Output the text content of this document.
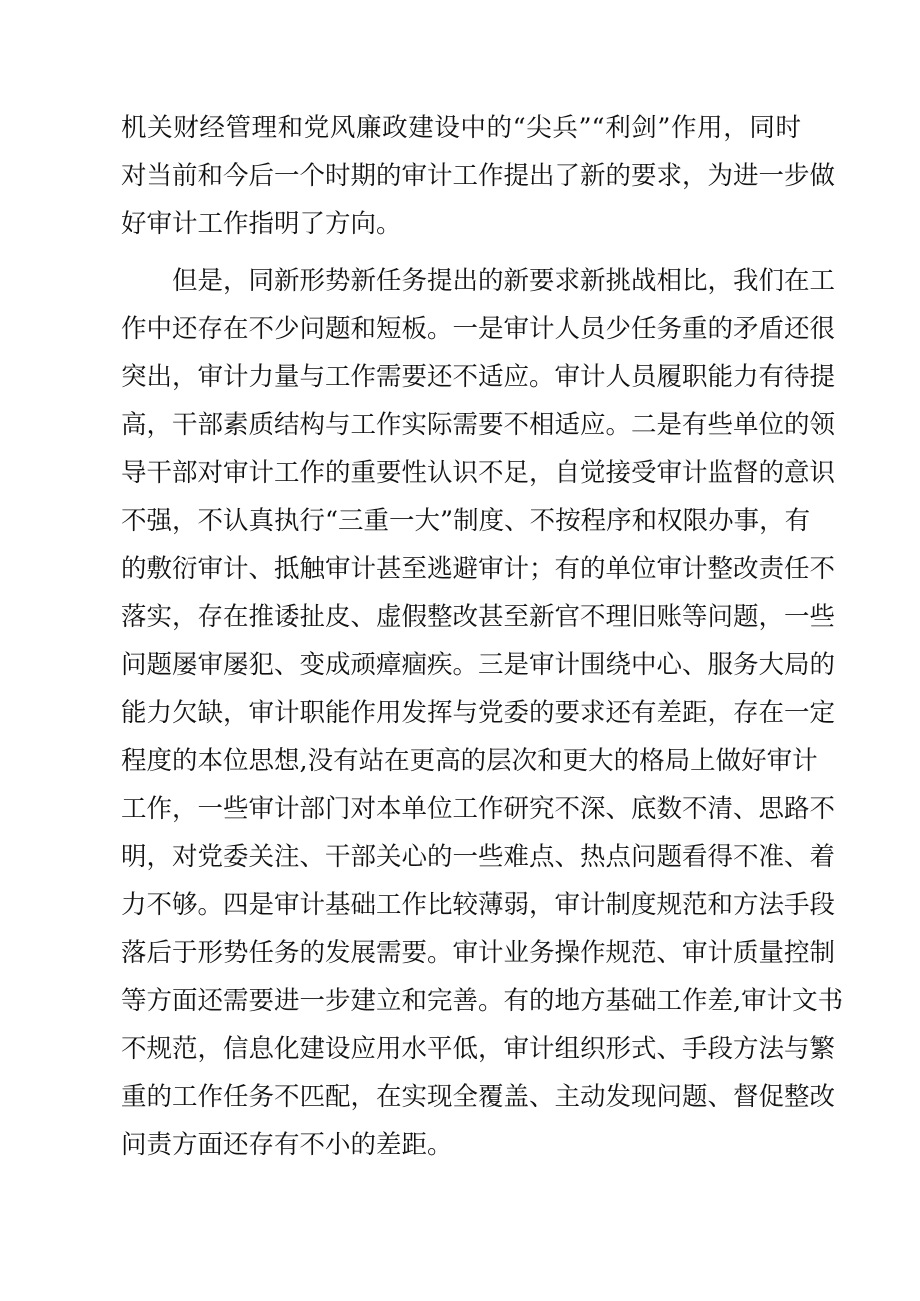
机关财经管理和党风廉政建设中的“尖兵”“利剑”作用，同时
对当前和今后一个时期的审计工作提出了新的要求，为进一步做
好审计工作指明了方向。
但是，同新形势新任务提出的新要求新挑战相比，我们在工
作中还存在不少问题和短板。一是审计人员少任务重的矛盾还很
突出，审计力量与工作需要还不适应。审计人员履职能力有待提
高，干部素质结构与工作实际需要不相适应。二是有些单位的领
导干部对审计工作的重要性认识不足，自觉接受审计监督的意识
不强，不认真执行“三重一大”制度、不按程序和权限办事，有
的敷衍审计、抵触审计甚至逃避审计；有的单位审计整改责任不
落实，存在推诿扯皮、虚假整改甚至新官不理旧账等问题，一些
问题屡审屡犯、变成顽瘴痼疾。三是审计围绕中心、服务大局的
能力欠缺，审计职能作用发挥与党委的要求还有差距，存在一定
程度的本位思想,没有站在更高的层次和更大的格局上做好审计
工作，一些审计部门对本单位工作研究不深、底数不清、思路不
明，对党委关注、干部关心的一些难点、热点问题看得不准、着
力不够。四是审计基础工作比较薄弱，审计制度规范和方法手段
落后于形势任务的发展需要。审计业务操作规范、审计质量控制
等方面还需要进一步建立和完善。有的地方基础工作差,审计文书
不规范，信息化建设应用水平低，审计组织形式、手段方法与繁
重的工作任务不匹配，在实现全覆盖、主动发现问题、督促整改
问责方面还存有不小的差距。
